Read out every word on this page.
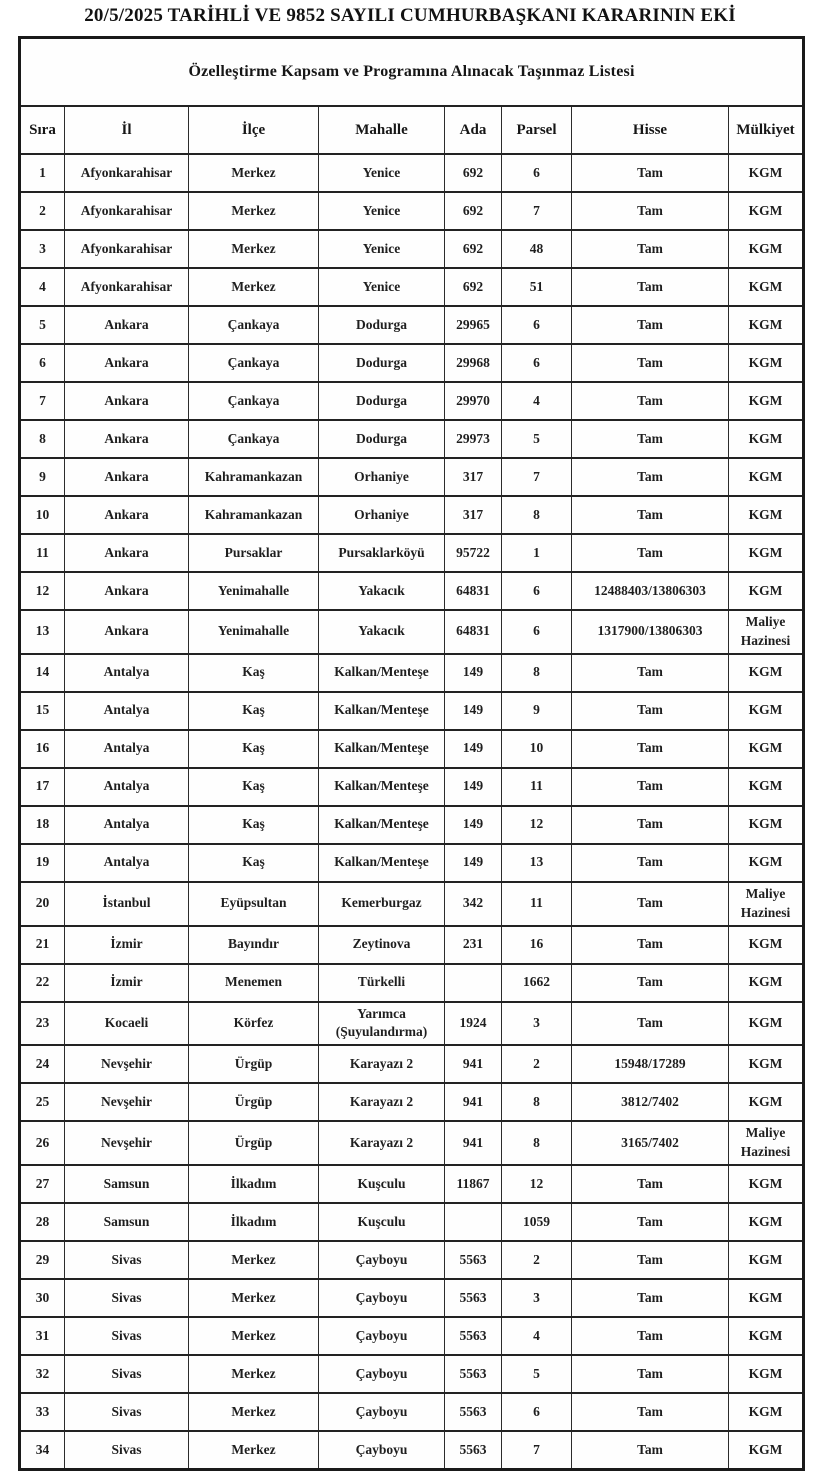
20/5/2025 TARİHLİ VE 9852 SAYILI CUMHURBAŞKANI KARARININ EKİ
Özelleştirme Kapsam ve Programına Alınacak Taşınmaz Listesi							
Sıra	İl	İlçe	Mahalle	Ada	Parsel	Hisse	Mülkiyet
1	Afyonkarahisar	Merkez	Yenice	692	6	Tam	KGM
2	Afyonkarahisar	Merkez	Yenice	692	7	Tam	KGM
3	Afyonkarahisar	Merkez	Yenice	692	48	Tam	KGM
4	Afyonkarahisar	Merkez	Yenice	692	51	Tam	KGM
5	Ankara	Çankaya	Dodurga	29965	6	Tam	KGM
6	Ankara	Çankaya	Dodurga	29968	6	Tam	KGM
7	Ankara	Çankaya	Dodurga	29970	4	Tam	KGM
8	Ankara	Çankaya	Dodurga	29973	5	Tam	KGM
9	Ankara	Kahramankazan	Orhaniye	317	7	Tam	KGM
10	Ankara	Kahramankazan	Orhaniye	317	8	Tam	KGM
11	Ankara	Pursaklar	Pursaklarköyü	95722	1	Tam	KGM
12	Ankara	Yenimahalle	Yakacık	64831	6	12488403/13806303	KGM
13	Ankara	Yenimahalle	Yakacık	64831	6	1317900/13806303	Maliye Hazinesi
14	Antalya	Kaş	Kalkan/Menteşe	149	8	Tam	KGM
15	Antalya	Kaş	Kalkan/Menteşe	149	9	Tam	KGM
16	Antalya	Kaş	Kalkan/Menteşe	149	10	Tam	KGM
17	Antalya	Kaş	Kalkan/Menteşe	149	11	Tam	KGM
18	Antalya	Kaş	Kalkan/Menteşe	149	12	Tam	KGM
19	Antalya	Kaş	Kalkan/Menteşe	149	13	Tam	KGM
20	İstanbul	Eyüpsultan	Kemerburgaz	342	11	Tam	Maliye Hazinesi
21	İzmir	Bayındır	Zeytinova	231	16	Tam	KGM
22	İzmir	Menemen	Türkelli		1662	Tam	KGM
23	Kocaeli	Körfez	Yarımca (Şuyulandırma)	1924	3	Tam	KGM
24	Nevşehir	Ürgüp	Karayazı 2	941	2	15948/17289	KGM
25	Nevşehir	Ürgüp	Karayazı 2	941	8	3812/7402	KGM
26	Nevşehir	Ürgüp	Karayazı 2	941	8	3165/7402	Maliye Hazinesi
27	Samsun	İlkadım	Kuşculu	11867	12	Tam	KGM
28	Samsun	İlkadım	Kuşculu		1059	Tam	KGM
29	Sivas	Merkez	Çayboyu	5563	2	Tam	KGM
30	Sivas	Merkez	Çayboyu	5563	3	Tam	KGM
31	Sivas	Merkez	Çayboyu	5563	4	Tam	KGM
32	Sivas	Merkez	Çayboyu	5563	5	Tam	KGM
33	Sivas	Merkez	Çayboyu	5563	6	Tam	KGM
34	Sivas	Merkez	Çayboyu	5563	7	Tam	KGM
